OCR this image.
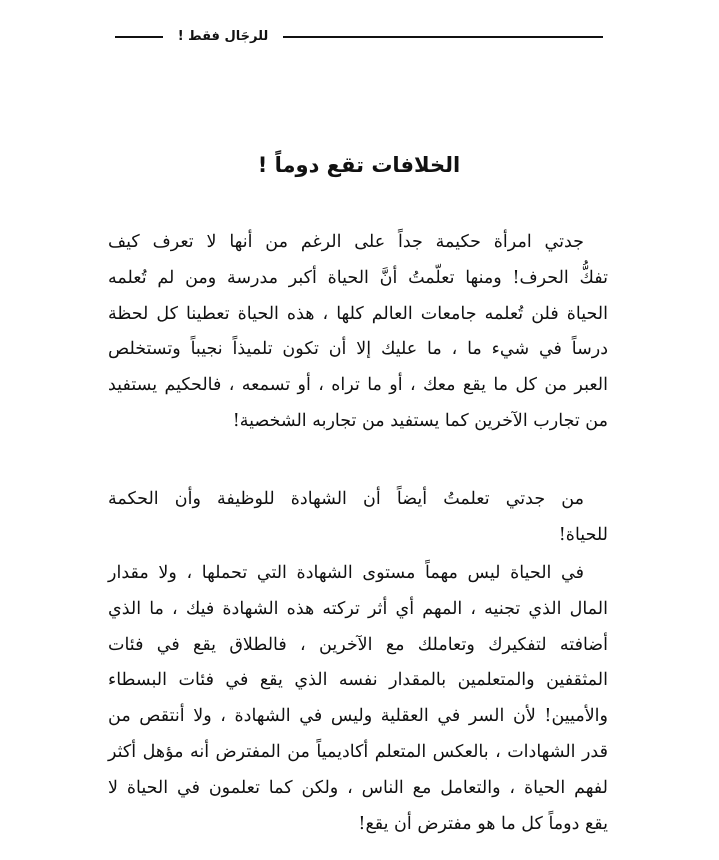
للرجَال فقط !
الخلافات تقع دوماً !
جدتي امرأة حكيمة جداً على الرغم من أنها لا تعرف كيف
تفكُّ الحرف! ومنها تعلّمتُ أنَّ الحياة أكبر مدرسة ومن لم تُعلمه
الحياة فلن تُعلمه جامعات العالم كلها ، هذه الحياة تعطينا كل لحظة
درساً في شيء ما ، ما عليك إلا أن تكون تلميذاً نجيباً وتستخلص
العبر من كل ما يقع معك ، أو ما تراه ، أو تسمعه ، فالحكيم يستفيد
من تجارب الآخرين كما يستفيد من تجاربه الشخصية!
من جدتي تعلمتُ أيضاً أن الشهادة للوظيفة وأن الحكمة
للحياة!
في الحياة ليس مهماً مستوى الشهادة التي تحملها ، ولا مقدار
المال الذي تجنيه ، المهم أي أثر تركته هذه الشهادة فيك ، ما الذي
أضافته لتفكيرك وتعاملك مع الآخرين ، فالطلاق يقع في فئات
المثقفين والمتعلمين بالمقدار نفسه الذي يقع في فئات البسطاء
والأميين! لأن السر في العقلية وليس في الشهادة ، ولا أنتقص من
قدر الشهادات ، بالعكس المتعلم أكاديمياً من المفترض أنه مؤهل أكثر
لفهم الحياة ، والتعامل مع الناس ، ولكن كما تعلمون في الحياة لا
يقع دوماً كل ما هو مفترض أن يقع!
